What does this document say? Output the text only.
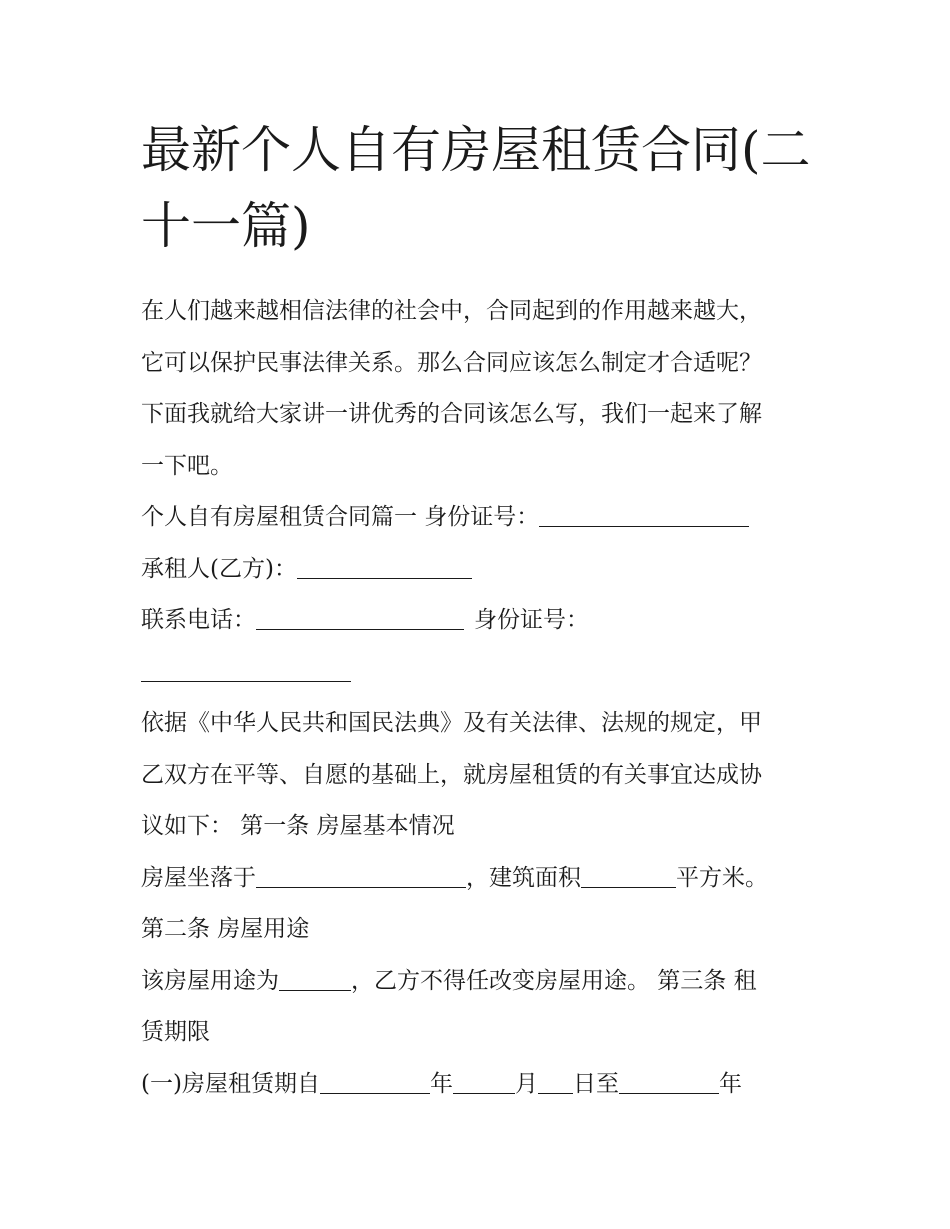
最新个人自有房屋租赁合同(二
十一篇)
在人们越来越相信法律的社会中，合同起到的作用越来越大，
它可以保护民事法律关系。那么合同应该怎么制定才合适呢？
下面我就给大家讲一讲优秀的合同该怎么写，我们一起来了解
一下吧。
个人自有房屋租赁合同篇一 身份证号：
承租人(乙方)：
联系电话：	身份证号：
依据《中华人民共和国民法典》及有关法律、法规的规定，甲
乙双方在平等、自愿的基础上，就房屋租赁的有关事宜达成协
议如下： 第一条 房屋基本情况
房屋坐落于	，建筑面积	平方米。
第二条 房屋用途
该房屋用途为	，乙方不得任改变房屋用途。 第三条 租
赁期限
(一)房屋租赁期自	年	月 日至	年
